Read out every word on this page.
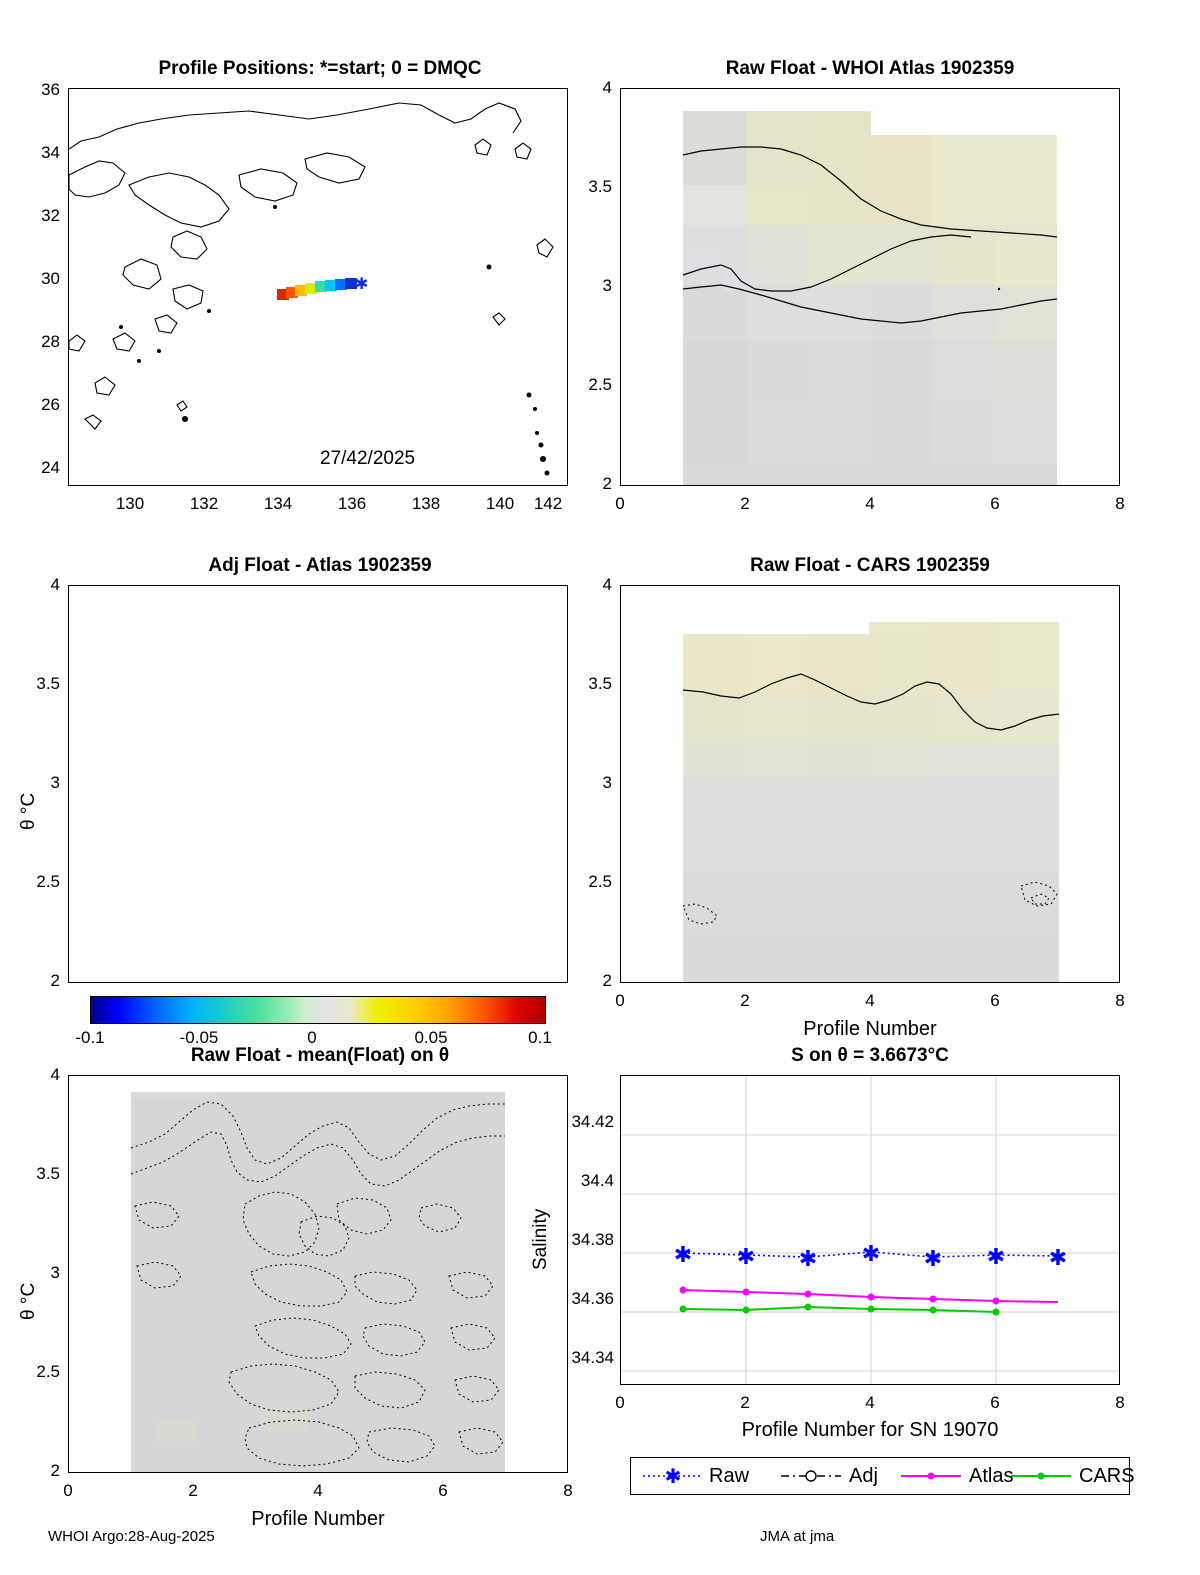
Profile Positions: *=start; 0 = DMQC
✱
27/42/2025
130	132	134	136	138	140	142
24
26
28
30
32
34
36
Raw Float - WHOI Atlas 1902359
0	2	4	6	8
2
2.5
3
3.5
4
Adj Float - Atlas 1902359
θ °C
2
2.5
3
3.5
4
Raw Float - CARS 1902359
0	2	4	6	8
2
2.5
3
3.5
4
Profile Number
-0.1	-0.05	0	0.05	0.1
Raw Float - mean(Float) on θ
θ °C
2
2.5
3
3.5
4
0	2	4	6	8
Profile Number
S on θ = 3.6673°C
✱ ✱ ✱ ✱ ✱ ✱ ✱
Salinity
34.34
34.36
34.38
34.4
34.42
0	2	4	6	8
Profile Number for SN 19070
✱ Raw	Adj	Atlas	CARS
WHOI Argo:28-Aug-2025	JMA at jma
